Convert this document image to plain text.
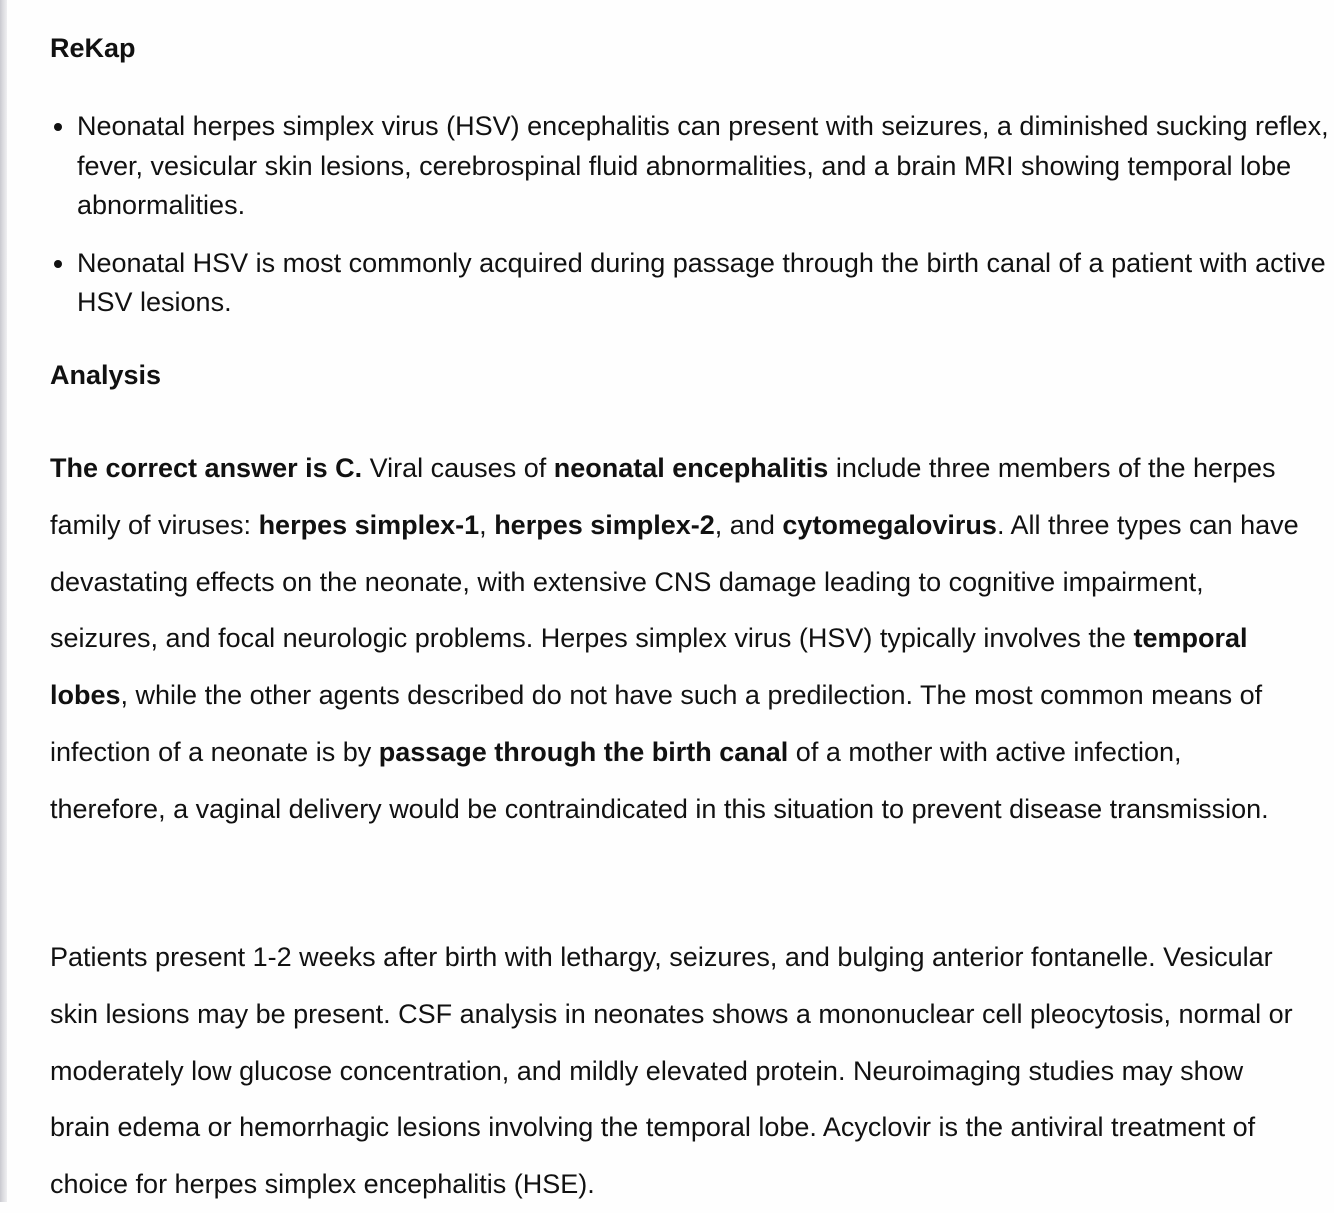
ReKap
Neonatal herpes simplex virus (HSV) encephalitis can present with seizures, a diminished sucking reflex, fever, vesicular skin lesions, cerebrospinal fluid abnormalities, and a brain MRI showing temporal lobe abnormalities.
Neonatal HSV is most commonly acquired during passage through the birth canal of a patient with active HSV lesions.
Analysis

The correct answer is C. Viral causes of neonatal encephalitis include three members of the herpes family of viruses: herpes simplex-1, herpes simplex-2, and cytomegalovirus. All three types can have devastating effects on the neonate, with extensive CNS damage leading to cognitive impairment, seizures, and focal neurologic problems. Herpes simplex virus (HSV) typically involves the temporal lobes, while the other agents described do not have such a predilection. The most common means of infection of a neonate is by passage through the birth canal of a mother with active infection, therefore, a vaginal delivery would be contraindicated in this situation to prevent disease transmission.

Patients present 1-2 weeks after birth with lethargy, seizures, and bulging anterior fontanelle. Vesicular skin lesions may be present. CSF analysis in neonates shows a mononuclear cell pleocytosis, normal or moderately low glucose concentration, and mildly elevated protein. Neuroimaging studies may show brain edema or hemorrhagic lesions involving the temporal lobe. Acyclovir is the antiviral treatment of choice for herpes simplex encephalitis (HSE).
